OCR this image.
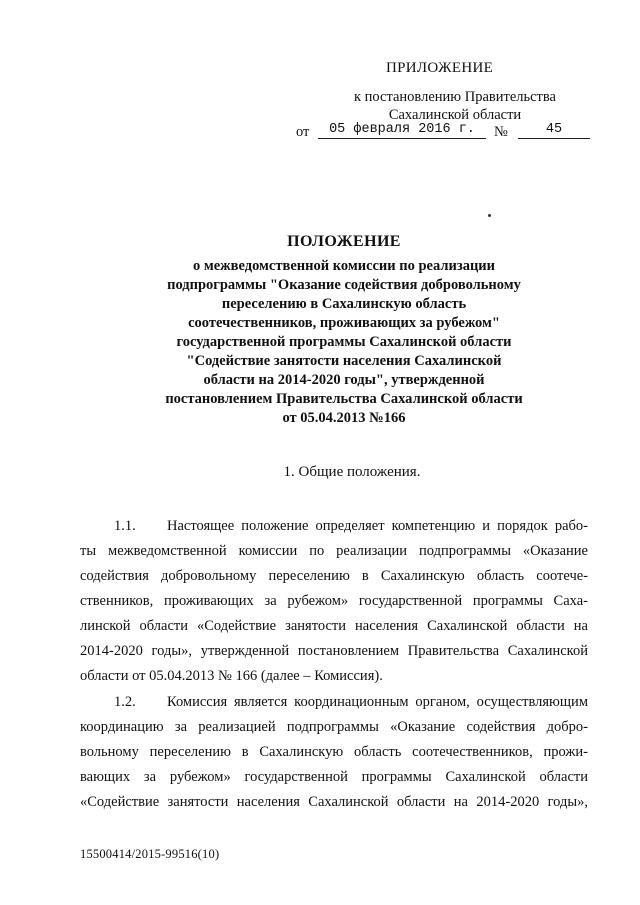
ПРИЛОЖЕНИЕ
к постановлению Правительства
Сахалинской области
от	05 февраля 2016 г.	№	45
ПОЛОЖЕНИЕ
о межведомственной комиссии по реализации
подпрограммы "Оказание содействия добровольному
переселению в Сахалинскую область
соотечественников, проживающих за рубежом"
государственной программы Сахалинской области
"Содействие занятости населения Сахалинской
области на 2014-2020 годы", утвержденной
постановлением Правительства Сахалинской области
от 05.04.2013 №166
1. Общие положения.
1.1. Настоящее положение определяет компетенцию и порядок рабо-
ты межведомственной комиссии по реализации подпрограммы «Оказание
содействия добровольному переселению в Сахалинскую область соотече-
ственников, проживающих за рубежом» государственной программы Саха-
линской области «Содействие занятости населения Сахалинской области на
2014-2020 годы», утвержденной постановлением Правительства Сахалинской
области от 05.04.2013 № 166 (далее – Комиссия).
1.2. Комиссия является координационным органом, осуществляющим
координацию за реализацией подпрограммы «Оказание содействия добро-
вольному переселению в Сахалинскую область соотечественников, прожи-
вающих за рубежом» государственной программы Сахалинской области
«Содействие занятости населения Сахалинской области на 2014-2020 годы»,
15500414/2015-99516(10)
